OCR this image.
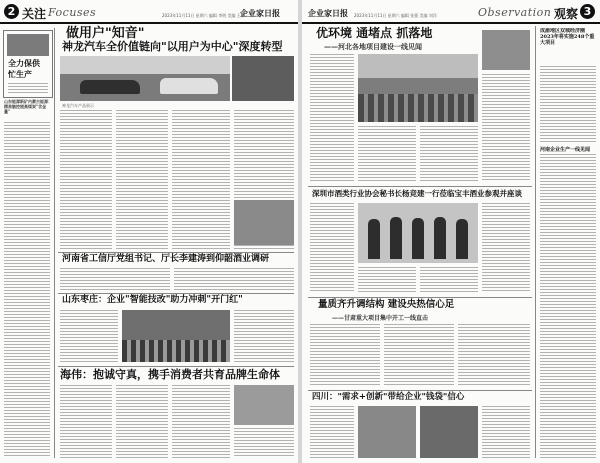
2 关注 Focuses	2023年11月11日 星期六 编辑 李明 美编 王华
企业家日报
全力保供
忙生产
山东能源新矿内蒙古能源：精准触控提高煤炭"含金量"
做用户"知音"
神龙汽车全价值链向"以用户为中心"深度转型
神龙汽车产品展示
河南省工信厅党组书记、厅长李建涛到仰韶酒业调研
山东枣庄：企业"智能技改"助力冲刺"开门红"
海伟：抱诚守真，携手消费者共育品牌生命体
企业家日报 2023年11月11日 星期六 编辑 张强 美编 刘洋	Observation 观察 3
优环境 通堵点 抓落地
——河北各地项目建设一线见闻
深圳市酒类行业协会秘书长杨竞建一行莅临宝丰酒业参观并座谈
量质齐升调结构 建设央热信心足
——甘肃重大项目集中开工一线直击
四川："需求+创新"带给企业"钱袋"信心
成渝地区双城经济圈2023年将实施248个重大项目
河南企业生产一线见闻
